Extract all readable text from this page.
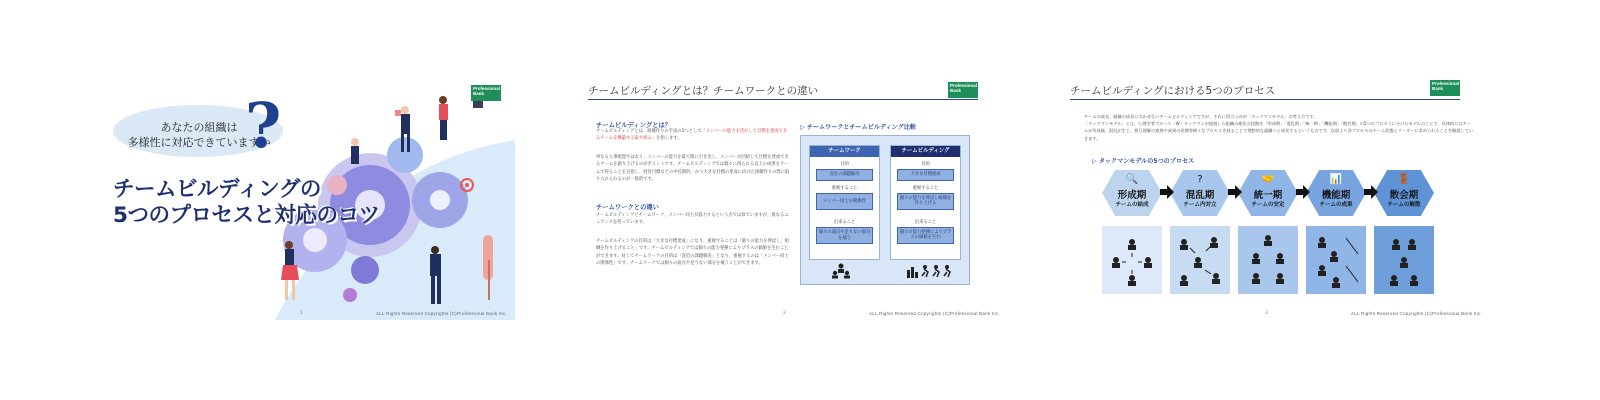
あなたの組織は
多様性に対応できていますか
?
チームビルディングの
5つのプロセスと対応のコツ
Professional Bank
1	ALL Rights Reserved Copyrights (C)Professional Bank Inc.
チームビルディングとは？チームワークとの違い	Professional Bank
チームビルディングとは？
チームビルディングとは、組織作りの手法の1つとして「メンバーの能力を活かして目標を達成できるチームを構築する取り組み」を指します。
単なる人事配置ではなく、メンバーの能力を最大限に引き出し、メンバーが団結して目標を達成できるチームを創り上げるのがポイントです。チームビルディングでは個々に得られる以上の成果をチームで得ることを目指し、経営目標などの中長期的、かつ大きな目標の達成に向けた組織作りの際に取り入れられるのが一般的です。
チームワークとの違い
チームビルディングとチームワーク、メンバー同士が協力するという点では似ていますが、異なるニュアンスを持っています。
チームビルディングの目的は「大きな目標達成」になり、重視することは「個々の能力を伸ばし、組織を作り上げること」です。チームビルディングでは個々の能力発揮によりプラスの価値を生むことができます。対してチームワークの目的は「直近の課題解決」となり、重視するのは「メンバー同士の関係性」です。チームワークでは個々の弱点や足りない部分を補うことができます。
▷ チームワークとチームビルディング比較
チームワーク
目的
直近の課題解決
重視すること
メンバー同士の関係性
出来ること
個々の弱点や足りない部分を補う
チームビルディング
目的
大きな目標達成
重視すること
個々の能力を伸ばし組織を作り上げる
出来ること
個々の能力発揮によりプラスの価値を生む
2	ALL Rights Reserved Copyrights (C)Professional Bank Inc.
チームビルディングにおける5つのプロセス
Professional Bank
チームの成長、組織の成長に欠かせないチームビルディングですが、それに役立つのが「タックマンモデル」の考え方です。
「タックマンモデル」とは、心理学者ブルース・W・タックマンが提唱した組織の進化の段階を「形成期」「混乱期」「統一期」「機能期」「散会期」の5つのプロセスに分けたモデルのことで、具体的にはチームが形成後、混乱が生じ、相互理解の進展や成果の発揮等様々なプロセスを経ることで理想的な組織へと成長するというものです。次項より各プロセスのチーム状態とリーダーに求められることを解説していきます。
▷ タックマンモデルの5つのプロセス
🔍
形成期
チームの結成
?
混乱期
チーム内対立
🤝
統一期
チームの安定
📊
機能期
チームの成果
🚪
散会期
チームの解散
3	ALL Rights Reserved Copyrights (C)Professional Bank Inc.
